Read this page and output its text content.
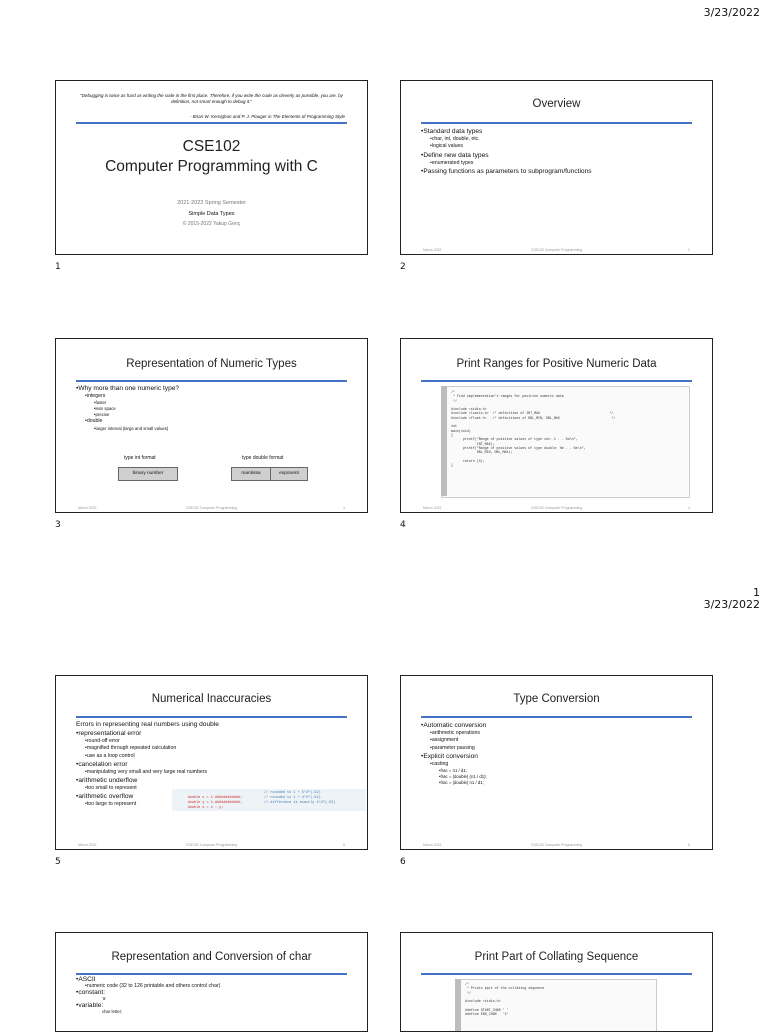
3/23/2022
"Debugging is twice as hard as writing the code in the first place. Therefore, if you write the code as cleverly as possible, you are, by definition, not smart enough to debug it."
- Brian W. Kernighan and P. J. Plauger in The Elements of Programming Style
CSE102
Computer Programming with C
2021-2022 Spring Semester
Simple Data Types
© 2015-2022 Yakup Genç
1
Overview
• Standard data types
• char, int, double, etc.
• logical values
• Define new data types
• enumerated types
• Passing functions as parameters to subprogram/functions
March 2022	CSE102 Computer Programming	2
2
Representation of Numeric Types
• Why more than one numeric type?
• integers
• faster
• less space
• precise
• double
• larger interval (large and small values)
type int format
binary number
type double format
mantissa	exponent
March 2022	CSE102 Computer Programming	3
3
Print Ranges for Positive Numeric Data
/*
* Find implementation's ranges for positive numeric data
*/

#include <stdio.h>
#include <limits.h>  /* definition of INT_MAX                                   */
#include <float.h>   /* definitions of DBL_MIN, DBL_MAX                          */

int
main(void)
{
printf("Range of positive values of type int: 1 . . %d\n",
INT_MAX);
printf("Range of positive values of type double: %e . . %e\n",
DBL_MIN, DBL_MAX);

return (0);
}
March 2022	CSE102 Computer Programming	4
4
1
3/23/2022
Numerical Inaccuracies
Errors in representing real numbers using double
• representational error
• round-off error
• magnified through repeated calculation
• use as a loop control
• cancelation error
• manipulating very small and very large real numbers
• arithmetic underflow
• too small to represent
• arithmetic overflow
• too large to represent

double x = 1.############;

double y = 1.############;

double z = x - y;

// rounded to 1 + 5*2^(-52)
// rounded to 1 + 4*2^(-52)
// difference is exactly 4*2^(-52)
March 2022	CSE102 Computer Programming	5
5
Type Conversion
• Automatic conversion
• arithmetic operations
• assignment
• parameter passing
• Explicit conversion
• casting
• frac = n1 / d1;
• frac = (double) (n1 / d1);
• frac = (double) n1 / d1;
March 2022	CSE102 Computer Programming	6
6
Representation and Conversion of char
• ASCII
• numeric code (32 to 126 printable and others control char)
• constant:
'a'
• variable:
char letter;
Print Part of Collating Sequence
/*
* Prints part of the collating sequence
*/

#include <stdio.h>

#define START_CHAR ' '
#define END_CHAR   'Z'
